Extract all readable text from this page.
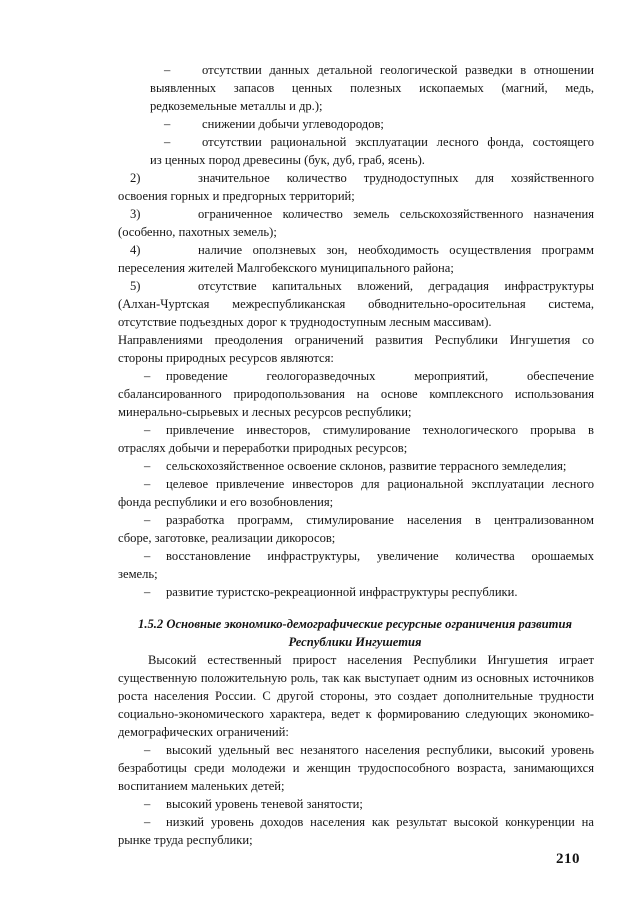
–	отсутствии данных детальной геологической разведки в отношении
выявленных запасов ценных полезных ископаемых (магний, медь,
редкоземельные металлы и др.);
–	снижении добычи углеводородов;
–	отсутствии рациональной эксплуатации лесного фонда, состоящего
из ценных пород древесины (бук, дуб, граб, ясень).
2)	значительное количество труднодоступных для хозяйственного
освоения горных и предгорных территорий;
3)	ограниченное количество земель сельскохозяйственного назначения
(особенно, пахотных земель);
4)	наличие оползневых зон, необходимость осуществления программ
переселения жителей Малгобекского муниципального района;
5)	отсутствие капитальных вложений, деградация инфраструктуры
(Алхан-Чуртская межреспубликанская обводнительно-оросительная система,
отсутствие подъездных дорог к труднодоступным лесным массивам).
Направлениями преодоления ограничений развития Республики Ингушетия со
стороны природных ресурсов являются:
– проведение геологоразведочных мероприятий, обеспечение
сбалансированного природопользования на основе комплексного использования
минерально-сырьевых и лесных ресурсов республики;
– привлечение инвесторов, стимулирование технологического прорыва в
отраслях добычи и переработки природных ресурсов;
– сельскохозяйственное освоение склонов, развитие террасного земледелия;
– целевое привлечение инвесторов для рациональной эксплуатации лесного
фонда республики и его возобновления;
– разработка программ, стимулирование населения в централизованном
сборе, заготовке, реализации дикоросов;
– восстановление инфраструктуры, увеличение количества орошаемых
земель;
– развитие туристско-рекреационной инфраструктуры республики.
1.5.2 Основные экономико-демографические ресурсные ограничения развития
Республики Ингушетия
Высокий естественный прирост населения Республики Ингушетия играет
существенную положительную роль, так как выступает одним из основных источников
роста населения России. С другой стороны, это создает дополнительные трудности
социально-экономического характера, ведет к формированию следующих экономико-
демографических ограничений:
– высокий удельный вес незанятого населения республики, высокий уровень
безработицы среди молодежи и женщин трудоспособного возраста, занимающихся
воспитанием маленьких детей;
– высокий уровень теневой занятости;
– низкий уровень доходов населения как результат высокой конкуренции на
рынке труда республики;
210
